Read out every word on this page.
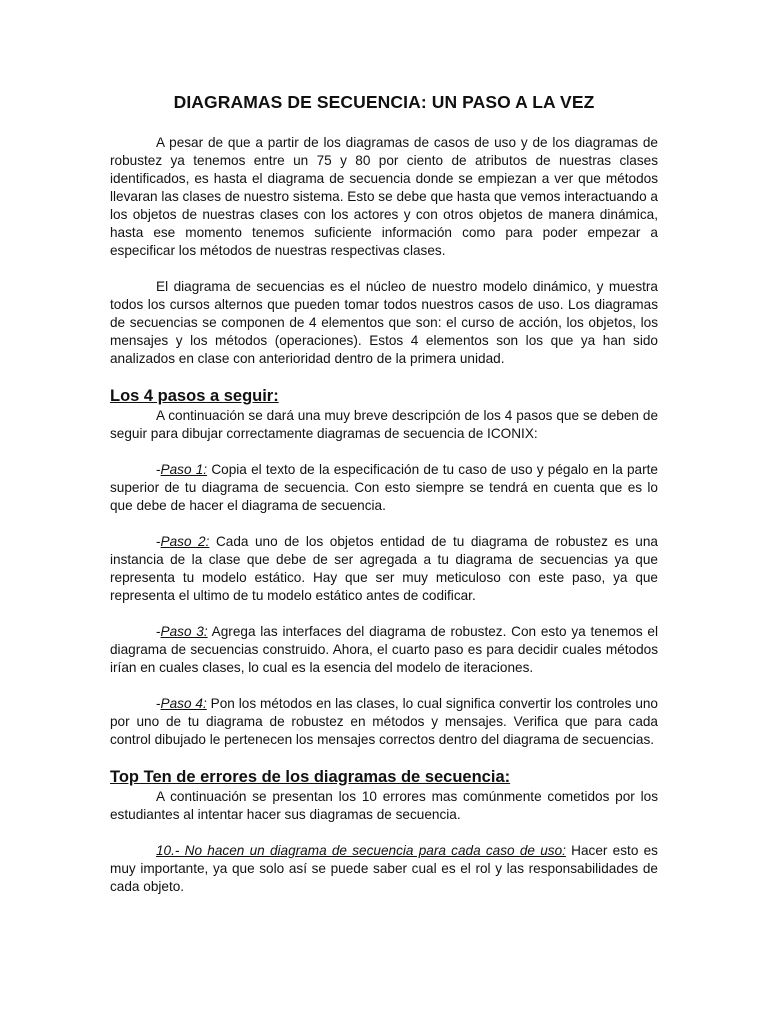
DIAGRAMAS DE SECUENCIA: UN PASO A LA VEZ

A pesar de que a partir de los diagramas de casos de uso y de los diagramas de robustez ya tenemos entre un 75 y 80 por ciento de atributos de nuestras clases identificados, es hasta el diagrama de secuencia donde se empiezan a ver que métodos llevaran las clases de nuestro sistema. Esto se debe que hasta que vemos interactuando a los objetos de nuestras clases con los actores y con otros objetos de manera dinámica, hasta ese momento tenemos suficiente información como para poder empezar a especificar los métodos de nuestras respectivas clases.

El diagrama de secuencias es el núcleo de nuestro modelo dinámico, y muestra todos los cursos alternos que pueden tomar todos nuestros casos de uso. Los diagramas de secuencias se componen de 4 elementos que son: el curso de acción, los objetos, los mensajes y los métodos (operaciones). Estos 4 elementos son los que ya han sido analizados en clase con anterioridad dentro de la primera unidad.

Los 4 pasos a seguir:

A continuación se dará una muy breve descripción de los 4 pasos que se deben de seguir para dibujar correctamente diagramas de secuencia de ICONIX:

-Paso 1: Copia el texto de la especificación de tu caso de uso y pégalo en la parte superior de tu diagrama de secuencia. Con esto siempre se tendrá en cuenta que es lo que debe de hacer el diagrama de secuencia.

-Paso 2: Cada uno de los objetos entidad de tu diagrama de robustez es una instancia de la clase que debe de ser agregada a tu diagrama de secuencias ya que representa tu modelo estático. Hay que ser muy meticuloso con este paso, ya que representa el ultimo de tu modelo estático antes de codificar.

-Paso 3: Agrega las interfaces del diagrama de robustez. Con esto ya tenemos el diagrama de secuencias construido. Ahora, el cuarto paso es para decidir cuales métodos irían en cuales clases, lo cual es la esencia del modelo de iteraciones.

-Paso 4: Pon los métodos en las clases, lo cual significa convertir los controles uno por uno de tu diagrama de robustez en métodos y mensajes. Verifica que para cada control dibujado le pertenecen los mensajes correctos dentro del diagrama de secuencias.

Top Ten de errores de los diagramas de secuencia:

A continuación se presentan los 10 errores mas comúnmente cometidos por los estudiantes al intentar hacer sus diagramas de secuencia.

10.- No hacen un diagrama de secuencia para cada caso de uso: Hacer esto es muy importante, ya que solo así se puede saber cual es el rol y las responsabilidades de cada objeto.
